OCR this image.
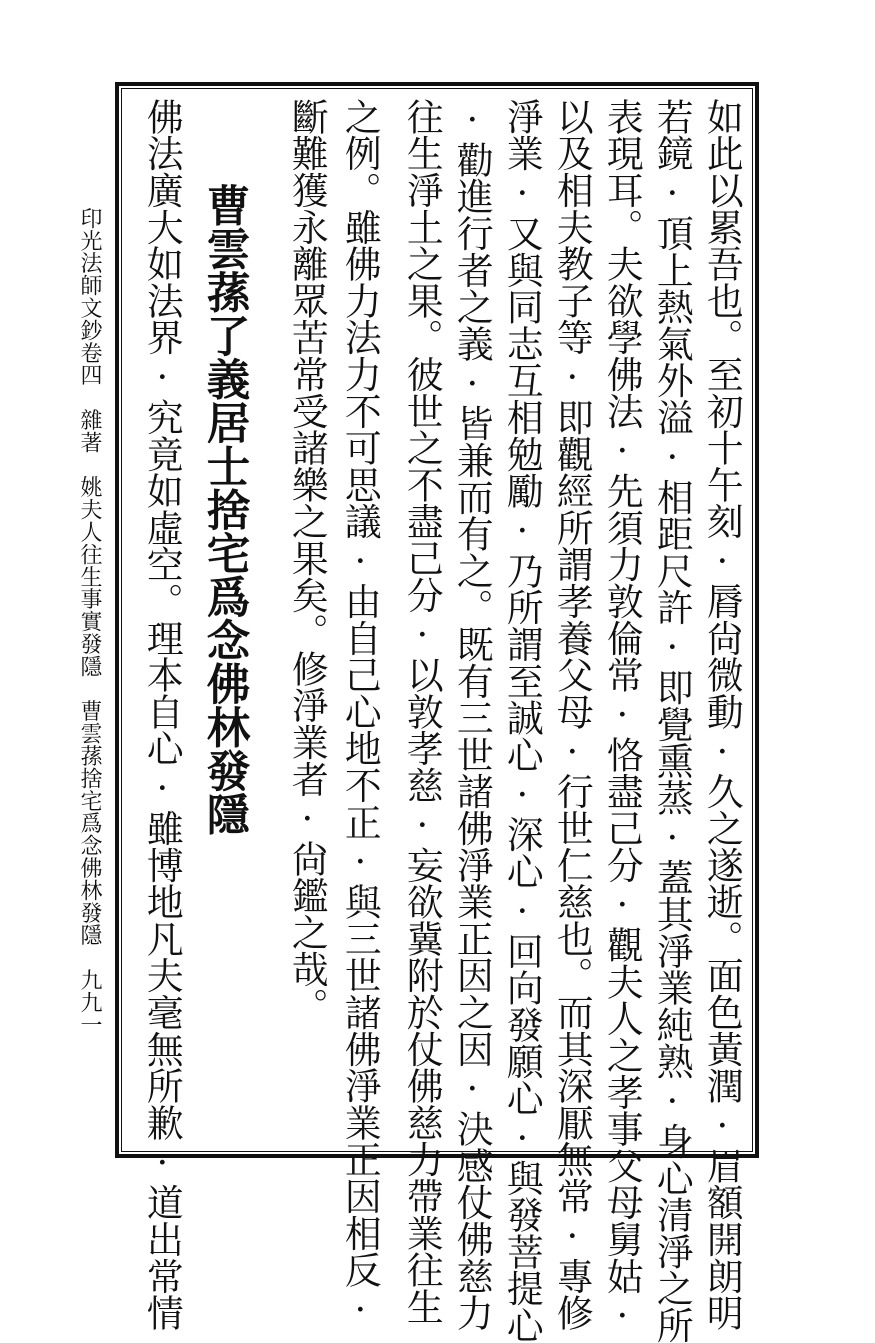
如此以累吾也。至初十午刻·脣尙微動·久之遂逝。面色黃潤·眉額開朗明
若鏡·頂上熱氣外溢·相距尺許·即覺熏蒸·蓋其淨業純熟·身心清淨之所
表現耳。夫欲學佛法·先須力敦倫常·恪盡己分·觀夫人之孝事父母舅姑·
以及相夫教子等·即觀經所謂孝養父母·行世仁慈也。而其深厭無常·專修
淨業·又與同志互相勉勵·乃所謂至誠心·深心·回向發願心·與發菩提心
·勸進行者之義·皆兼而有之。既有三世諸佛淨業正因之因·決感仗佛慈力
往生淨土之果。彼世之不盡己分·以敦孝慈·妄欲冀附於仗佛慈力帶業往生
之例。雖佛力法力不可思議·由自己心地不正·與三世諸佛淨業正因相反·
斷難獲永離眾苦常受諸樂之果矣。修淨業者·尙鑑之哉。
曹雲蓀了義居士捨宅爲念佛林發隱
佛法廣大如法界·究竟如虛空。理本自心·雖博地凡夫毫無所歉·道出常情
印光法師文鈔卷四　雜著　姚夫人往生事實發隱　曹雲蓀捨宅爲念佛林發隱　九九一
